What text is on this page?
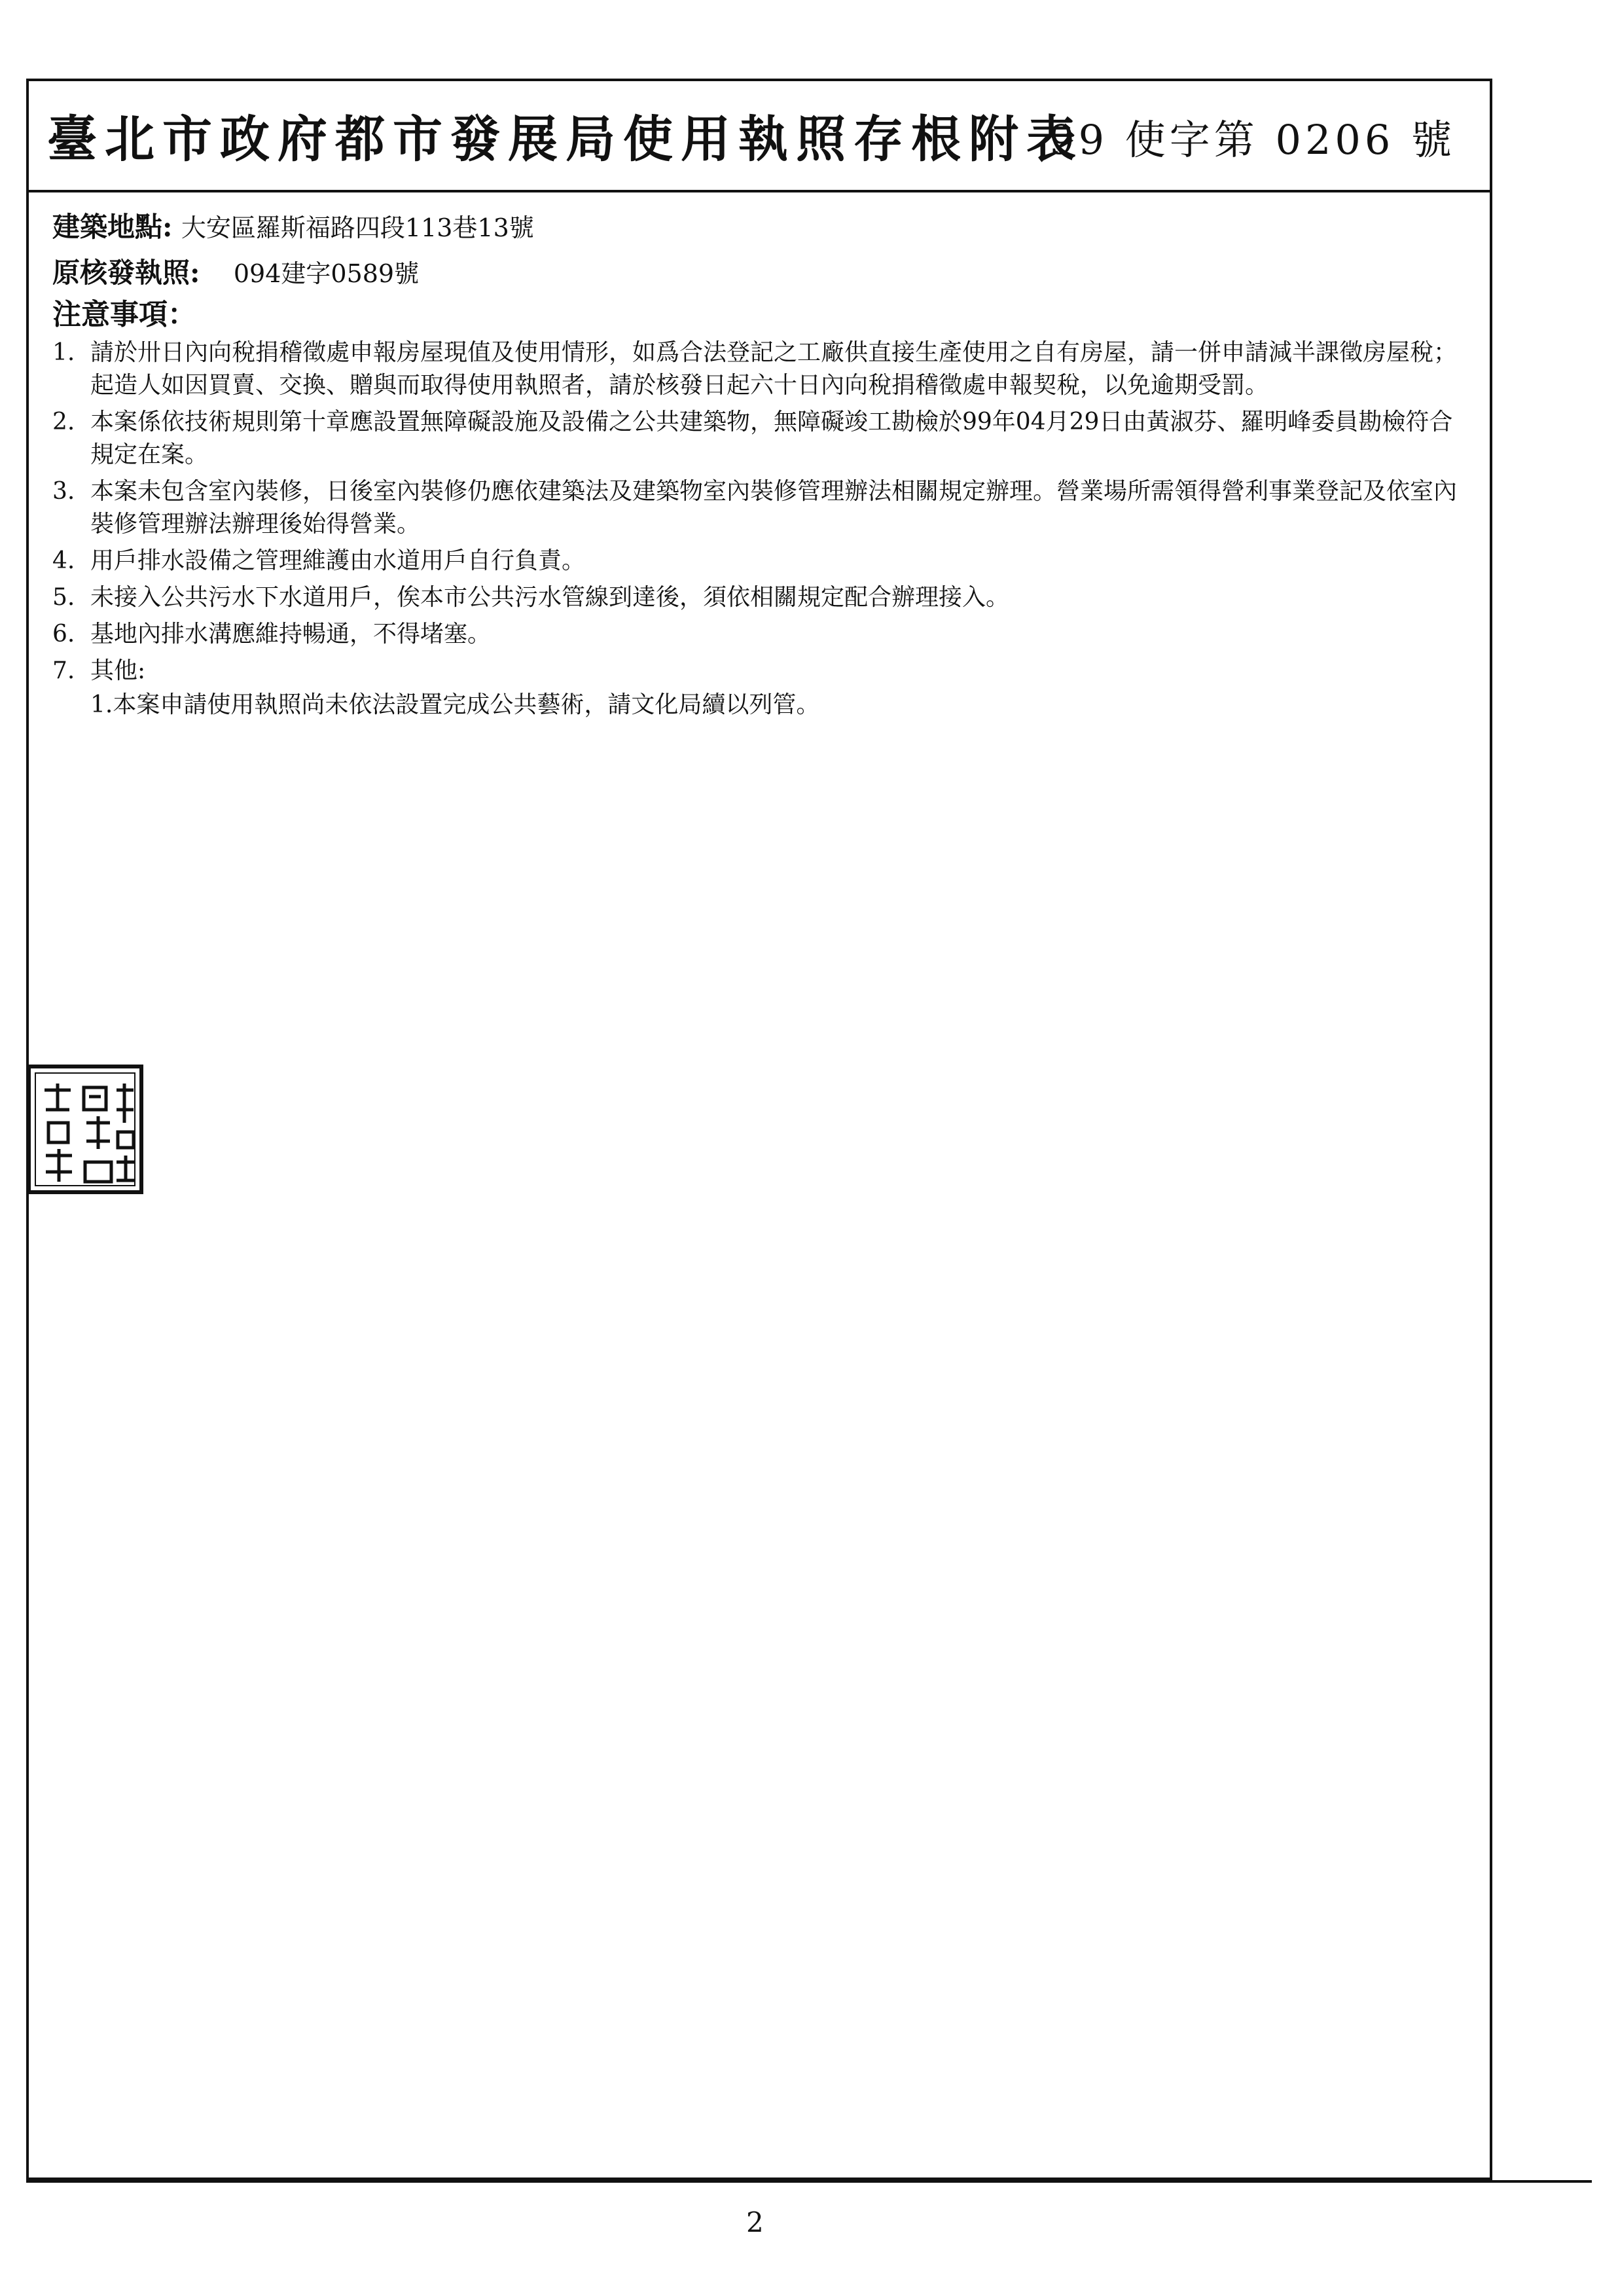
臺北市政府都市發展局使用執照存根附表
99 使字第 0206 號
建築地點: 大安區羅斯福路四段113巷13號
原核發執照: 094建字0589號
注意事項：
1. 請於卅日內向稅捐稽徵處申報房屋現值及使用情形，如爲合法登記之工廠供直接生產使用之自有房屋，請一併申請減半課徵房屋稅；起造人如因買賣、交換、贈與而取得使用執照者，請於核發日起六十日內向稅捐稽徵處申報契稅，以免逾期受罰。
2. 本案係依技術規則第十章應設置無障礙設施及設備之公共建築物，無障礙竣工勘檢於99年04月29日由黃淑芬、羅明峰委員勘檢符合規定在案。
3. 本案未包含室內裝修，日後室內裝修仍應依建築法及建築物室內裝修管理辦法相關規定辦理。營業場所需領得營利事業登記及依室內裝修管理辦法辦理後始得營業。
4. 用戶排水設備之管理維護由水道用戶自行負責。
5. 未接入公共污水下水道用戶，俟本市公共污水管線到達後，須依相關規定配合辦理接入。
6. 基地內排水溝應維持暢通，不得堵塞。
7. 其他:
1.本案申請使用執照尚未依法設置完成公共藝術，請文化局續以列管。
2
